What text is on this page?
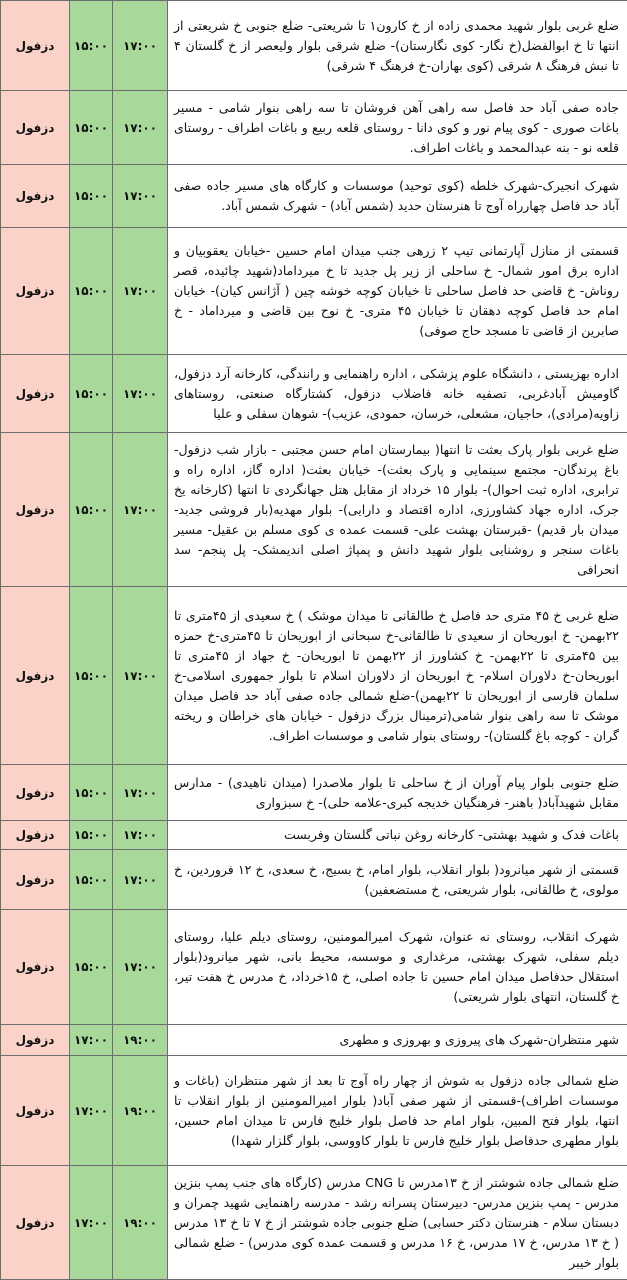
ضلع غربی بلوار شهید محمدی زاده از خ کارون۱ تا شریعتی- ضلع جنوبی خ شریعتی از انتها تا خ ابوالفضل(خ نگار- کوی نگارستان)- ضلع شرقی بلوار ولیعصر از خ گلستان ۴ تا نبش فرهنگ ۸ شرقی (کوی بهاران-خ فرهنگ ۴ شرقی)	۱۷:۰۰	۱۵:۰۰	دزفول
جاده صفی آباد حد فاصل سه راهی آهن فروشان تا سه راهی بنوار شامی - مسیر باغات صوری - کوی پیام نور و کوی دانا - روستای قلعه ربیع و باغات اطراف - روستای قلعه نو - بنه عبدالمحمد و باغات اطراف.	۱۷:۰۰	۱۵:۰۰	دزفول
شهرک انجیرک-شهرک خلطه (کوی توحید) موسسات و کارگاه های مسیر جاده صفی آباد حد فاصل چهارراه آوج تا هنرستان حدید (شمس آباد) - شهرک شمس آباد.	۱۷:۰۰	۱۵:۰۰	دزفول
قسمتی از منازل آپارتمانی تیپ ۲ زرهی جنب میدان امام حسین -خیابان یعقوبیان و اداره برق امور شمال- خ ساحلی از زیر پل جدید تا خ میرداماد(شهید چائیده، قصر روناش- خ قاضی حد فاصل ساحلی تا خیابان کوچه خوشه چین ( آژانس کیان)- خیابان امام حد فاصل کوچه دهقان تا خیابان ۴۵ متری- خ نوح بین قاضی و میرداماد - خ صابرین از قاضی تا مسجد حاج صوفی)	۱۷:۰۰	۱۵:۰۰	دزفول
اداره بهزیستی ، دانشگاه علوم پزشکی ، اداره راهنمایی و رانندگی، کارخانه آرد دزفول، گاومیش آبادغربی، تصفیه خانه فاضلاب دزفول، کشتارگاه صنعتی، روستاهای زاویه(مرادی)، حاجیان، مشعلی، خرسان، حمودی، عزیب)- شوهان سفلی و علیا	۱۷:۰۰	۱۵:۰۰	دزفول
ضلع غربی بلوار پارک بعثت تا انتها( بیمارستان امام حسن مجتبی - بازار شب دزفول- باغ پرندگان- مجتمع سینمایی و پارک بعثت)- خیابان بعثت( اداره گاز، اداره راه و ترابری، اداره ثبت احوال)- بلوار ۱۵ خرداد از مقابل هتل جهانگردی تا انتها (کارخانه یخ جرک، اداره جهاد کشاورزی، اداره اقتصاد و دارایی)- بلوار مهدیه(بار فروشی جدید-میدان بار قدیم) -قبرستان بهشت علی- قسمت عمده ی کوی مسلم بن عقیل- مسیر باغات سنجر و روشنایی بلوار شهید دانش و پمپاژ اصلی اندیمشک- پل پنجم- سد انحرافی	۱۷:۰۰	۱۵:۰۰	دزفول
ضلع غربی خ ۴۵ متری حد فاصل خ طالقانی تا میدان موشک ) خ سعیدی از ۴۵متری تا ۲۲بهمن- خ ابوریحان از سعیدی تا طالقانی-خ سبحانی از ابوریحان تا ۴۵متری-خ حمزه بین ۴۵متری تا ۲۲بهمن- خ کشاورز از ۲۲بهمن تا ابوریحان- خ جهاد از ۴۵متری تا ابوریحان-خ دلاوران اسلام- خ ابوریحان از دلاوران اسلام تا بلوار جمهوری اسلامی-خ سلمان فارسی از ابوریحان تا ۲۲بهمن)-ضلع شمالی جاده صفی آباد حد فاصل میدان موشک تا سه راهی بنوار شامی(ترمینال بزرگ دزفول - خیابان های خراطان و ریخته گران - کوچه باغ گلستان)- روستای بنوار شامی و موسسات اطراف.	۱۷:۰۰	۱۵:۰۰	دزفول
ضلع جنوبی بلوار پیام آوران از خ ساحلی تا بلوار ملاصدرا (میدان ناهیدی) - مدارس مقابل شهیدآباد( باهنر- فرهنگیان خدیجه کبری-علامه حلی)- خ سبزواری	۱۷:۰۰	۱۵:۰۰	دزفول
باغات فدک و شهید بهشتی- کارخانه روغن نباتی گلستان وفربست	۱۷:۰۰	۱۵:۰۰	دزفول
قسمتی از شهر میانرود( بلوار انقلاب، بلوار امام، خ بسیج، خ سعدی، خ ۱۲ فروردین، خ مولوی، خ طالقانی، بلوار شریعتی، خ مستضعفین)	۱۷:۰۰	۱۵:۰۰	دزفول
شهرک انقلاب، روستای نه عنوان، شهرک امیرالمومنین، روستای دیلم علیا، روستای دیلم سفلی، شهرک بهشتی، مرغداری و موسسه، محیط بانی، شهر میانرود(بلوار استقلال حدفاصل میدان امام حسین تا جاده اصلی، خ ۱۵خرداد، خ مدرس خ هفت تیر، خ گلستان، انتهای بلوار شریعتی)	۱۷:۰۰	۱۵:۰۰	دزفول
شهر منتظران-شهرک های پیروزی و بهروزی و مطهری	۱۹:۰۰	۱۷:۰۰	دزفول
ضلع شمالی جاده دزفول به شوش از چهار راه آوج تا بعد از شهر منتظران (باغات و موسسات اطراف)-قسمتی از شهر صفی آباد( بلوار امیرالمومنین از بلوار انقلاب تا انتها، بلوار فتح المبین، بلوار امام حد فاصل بلوار خلیج فارس تا میدان امام حسین، بلوار مطهری حدفاصل بلوار خلیج فارس تا بلوار کاووسی، بلوار گلزار شهدا)	۱۹:۰۰	۱۷:۰۰	دزفول
ضلع شمالی جاده شوشتر از خ ۱۳مدرس تا CNG مدرس (کارگاه های جنب پمپ بنزین مدرس - پمپ بنزین مدرس- دبیرستان پسرانه رشد - مدرسه راهنمایی شهید چمران و دبستان سلام - هنرستان دکتر حسابی) ضلع جنوبی جاده شوشتر از خ ۷ تا خ ۱۳ مدرس ( خ ۱۳ مدرس، خ ۱۷ مدرس، خ ۱۶ مدرس و قسمت عمده کوی مدرس) - ضلع شمالی بلوار خیبر	۱۹:۰۰	۱۷:۰۰	دزفول
